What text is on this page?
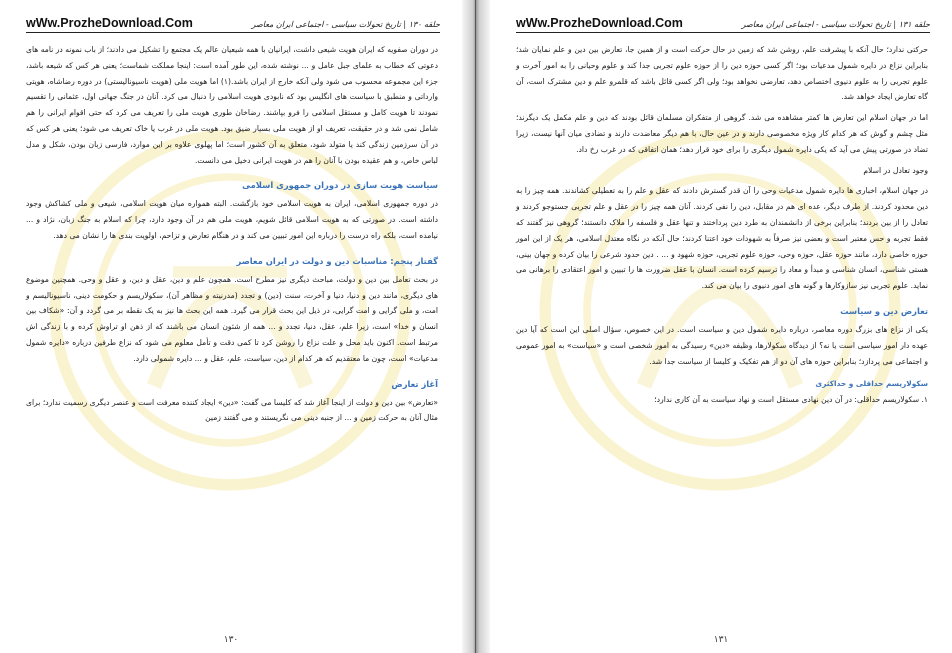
wWw.ProzheDownload.Com	حلقه ١٣٠ | تاریخ تحولات سیاسی - اجتماعی ایران معاصر

در دوران صفویه که ایران هویت شیعی داشت، ایرانیان با همه شیعیان عالم یک مجتمع را تشکیل می دادند؛ از باب نمونه در نامه های دعوتی که خطاب به علمای جبل عامل و ... نوشته شده، این طور آمده است: اینجا مملکت شماست؛ یعنی هر کس که شیعه باشد، جزء این مجموعه محسوب می شود ولی آنکه خارج از ایران باشد.(۱) اما هویت ملی (هویت ناسیونالیستی) در دوره رضاشاه، هویتی وارداتی و منطبق با سیاست های انگلیس بود که نابودی هویت اسلامی را دنبال می کرد. آنان در جنگ جهانی اول، عثمانی را تقسیم نمودند تا هویت کامل و مستقل اسلامی را فرو بپاشند. رضاخان طوری هویت ملی را تعریف می کرد که حتی اقوام ایرانی را هم شامل نمی شد و در حقیقت، تعریف او از هویت ملی بسیار ضیق بود. هویت ملی در غرب یا خاک تعریف می شود؛ یعنی هر کس که در آن سرزمین زندگی کند یا متولد شود، متعلق به آن کشور است؛ اما پهلوی علاوه بر این موارد، فارسی زبان بودن، شکل و مدل لباس خاص، و هم عقیده بودن با آنان را هم در هویت ایرانی دخیل می دانست.

سیاست هویت سازی در دوران جمهوری اسلامی

در دوره جمهوری اسلامی، ایران به هویت اسلامی خود بازگشت. البته همواره میان هویت اسلامی، شیعی و ملی کشاکش وجود داشته است. در صورتی که به هویت اسلامی قائل شویم، هویت ملی هم در آن وجود دارد، چرا که اسلام به جنگ زبان، نژاد و ... نیامده است، بلکه راه درست را درباره این امور تبیین می کند و در هنگام تعارض و تزاحم، اولویت بندی ها را نشان می دهد.

گفتار پنجم: مناسبات دین و دولت در ایران معاصر

در بحث تعامل بین دین و دولت، مباحث دیگری نیز مطرح است. همچون علم و دین، عقل و دین، و عقل و وحی. همچنین موضوع های دیگری، مانند دین و دنیا، دنیا و آخرت، سنت (دین) و تجدد (مدرنیته و مظاهر آن)، سکولاریسم و حکومت دینی، ناسیونالیسم و امت، و ملی گرایی و امت گرایی، در ذیل این بحث قرار می گیرد. همه این بحث ها نیز به یک نقطه بر می گردد و آن: «شکاف بین انسان و خدا» است، زیرا علم، عقل، دنیا، تجدد و ... همه از شئون انسان می باشند که از ذهن او تراوش کرده و با زندگی اش مرتبط است. اکنون باید محل و علت نزاع را روشن کرد تا کمی دقت و تأمل معلوم می شود که نزاع طرفین درباره «دایره شمول مدعیات» است، چون ما معتقدیم که هر کدام از دین، سیاست، علم، عقل و ... دایره شمولی دارد.

آغاز تعارض

«تعارض» بین دین و دولت از اینجا آغاز شد که کلیسا می گفت: «دین» ایجاد کننده معرفت است و عنصر دیگری رسمیت ندارد؛ برای مثال آنان به حرکت زمین و ... از جنبه دینی می نگریستند و می گفتند زمین

١٣٠
wWw.ProzheDownload.Com	حلقه ١٣١ | تاریخ تحولات سیاسی - اجتماعی ایران معاصر

حرکتی ندارد؛ حال آنکه با پیشرفت علم، روشن شد که زمین در حال حرکت است و از همین جا، تعارض بین دین و علم نمایان شد؛ بنابراین نزاع در دایره شمول مدعیات بود؛ اگر کسی حوزه دین را از حوزه علوم تجربی جدا کند و علوم وحیانی را به امور آخرت و علوم تجربی را به علوم دنیوی اختصاص دهد، تعارضی نخواهد بود؛ ولی اگر کسی قائل باشد که قلمرو علم و دین مشترک است، آن گاه تعارض ایجاد خواهد شد.

اما در جهان اسلام این تعارض ها کمتر مشاهده می شد. گروهی از متفکران مسلمان قائل بودند که دین و علم مکمل یک دیگرند؛ مثل چشم و گوش که هر کدام کار ویژه مخصوصی دارند و در عین حال، با هم دیگر معاضدت دارند و تضادی میان آنها نیست، زیرا تضاد در صورتی پیش می آید که یکی دایره شمول دیگری را برای خود قرار دهد؛ همان اتفاقی که در غرب رخ داد.

وجود تعادل در اسلام

در جهان اسلام، اخباری ها دایره شمول مدعیات وحی را آن قدر گسترش دادند که عقل و علم را به تعطیلی کشاندند. همه چیز را به دین محدود کردند. از طرف دیگر، عده ای هم در مقابل، دین را نفی کردند. آنان همه چیز را در عقل و علم تجربی جستوجو کردند و تعادل را از بین بردند؛ بنابراین برخی از دانشمندان به طرد دین پرداختند و تنها عقل و فلسفه را ملاک دانستند؛ گروهی نیز گفتند که فقط تجربه و حس معتبر است و بعضی نیز صرفاً به شهودات خود اعتنا کردند؛ حال آنکه در نگاه معتدل اسلامی، هر یک از این امور حوزه خاصی دارد، مانند حوزه عقل، حوزه وحی، حوزه علوم تجربی، حوزه شهود و ... . دین حدود شرعی را بیان کرده و جهان بینی، هستی شناسی، انسان شناسی و مبدأ و معاد را ترسیم کرده است. انسان با عقل ضرورت ها را تبیین و امور اعتقادی را برهانی می نماید. علوم تجربی نیز سازوکارها و گونه های امور دنیوی را بیان می کند.

تعارض دین و سیاست

یکی از نزاع های بزرگ دوره معاصر، درباره دایره شمول دین و سیاست است. در این خصوص، سؤال اصلی این است که آیا دین عهده دار امور سیاسی است یا نه؟ از دیدگاه سکولارها، وظیفه «دین» رسیدگی به امور شخصی است و «سیاست» به امور عمومی و اجتماعی می پردازد؛ بنابراین حوزه های آن دو از هم تفکیک و کلیسا از سیاست جدا شد.

سکولاریسم حداقلی و حداکثری

۱. سکولاریسم حداقلی: در آن دین نهادی مستقل است و نهاد سیاست به آن کاری ندارد؛

١٣١
